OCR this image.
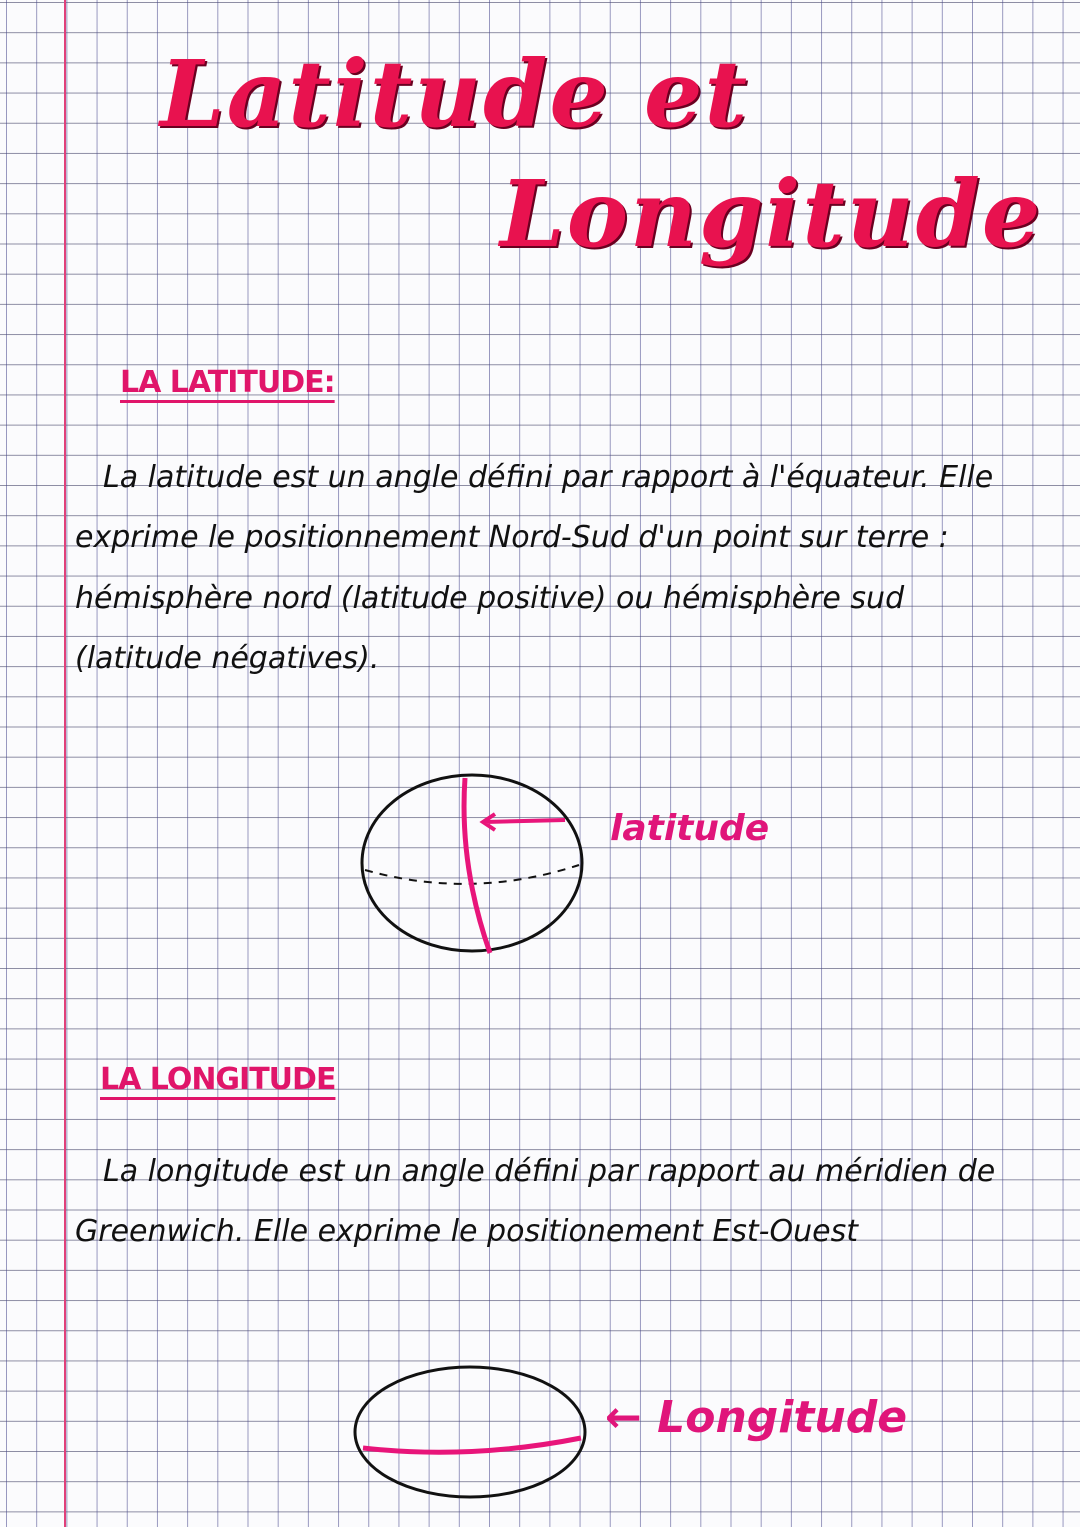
Latitude et
Longitude
LA LATITUDE:
La latitude est un angle défini par rapport à l'équateur. Elle exprime le positionnement Nord-Sud d'un point sur terre : hémisphère nord (latitude positive) ou hémisphère sud (latitude négatives).
latitude
LA LONGITUDE
La longitude est un angle défini par rapport au méridien de Greenwich. Elle exprime le positionement Est-Ouest
← Longitude
